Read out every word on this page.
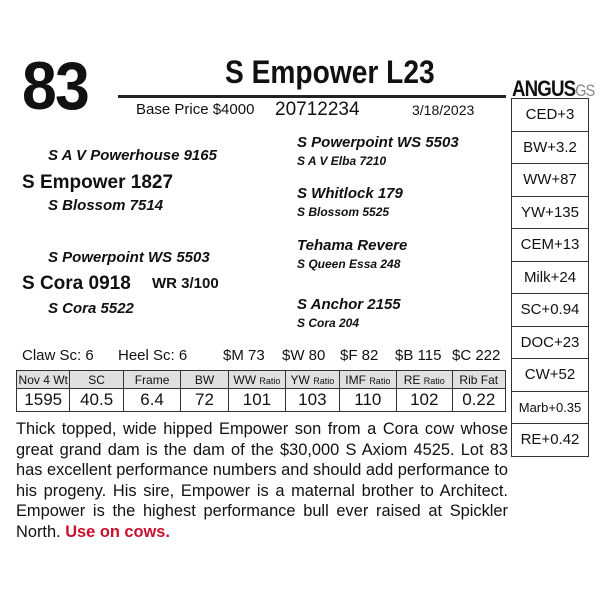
83	S Empower L23
Base Price $4000 20712234	3/18/2023
ANGUSGS
S A V Powerhouse 9165
S Empower 1827
S Blossom 7514
S Powerpoint WS 5503
S Cora 0918 WR 3/100
S Cora 5522
S Powerpoint WS 5503
S A V Elba 7210
S Whitlock 179
S Blossom 5525
Tehama Revere
S Queen Essa 248
S Anchor 2155
S Cora 204
CED+3
BW+3.2
WW+87
YW+135
CEM+13
Milk+24
SC+0.94
DOC+23
CW+52
Marb+0.35
RE+0.42
Claw Sc: 6 Heel Sc: 6 $M 73 $W 80 $F 82 $B 115 $C 222
Nov 4 Wt	SC	Frame	BW	WW Ratio	YW Ratio	IMF Ratio	RE Ratio	Rib Fat
1595	40.5	6.4	72	101	103	110	102	0.22
Thick topped, wide hipped Empower son from a Cora cow whose great grand dam is the dam of the $30,000 S Axiom 4525. Lot 83 has excellent performance numbers and should add performance to his progeny. His sire, Empower is a maternal brother to Architect. Empower is the highest performance bull ever raised at Spickler North. Use on cows.
